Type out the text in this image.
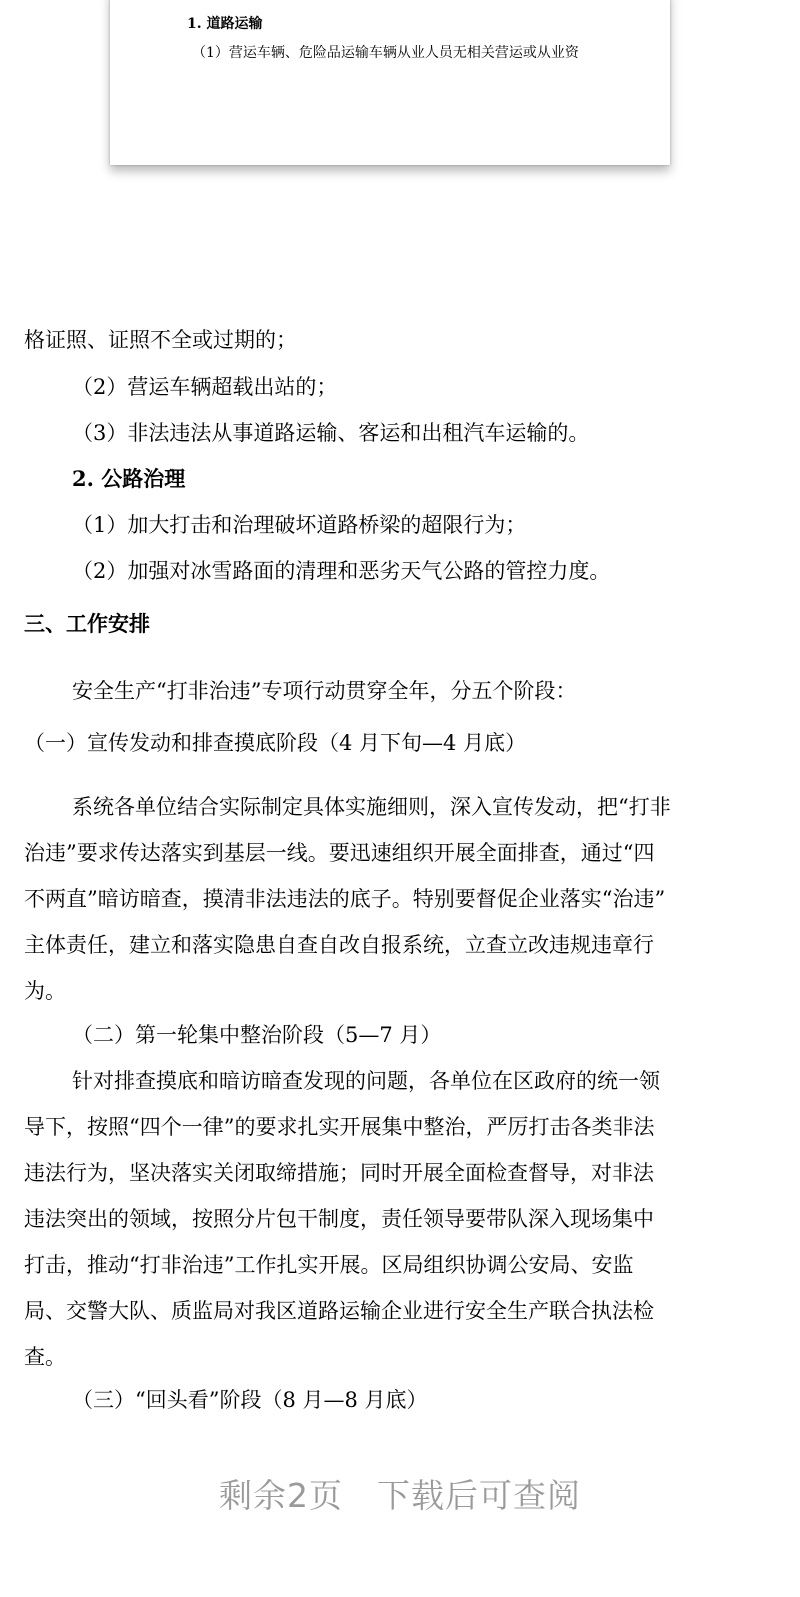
1. 道路运输
（1）营运车辆、危险品运输车辆从业人员无相关营运或从业资
格证照、证照不全或过期的；
（2）营运车辆超载出站的；
（3）非法违法从事道路运输、客运和出租汽车运输的。
2. 公路治理
（1）加大打击和治理破坏道路桥梁的超限行为；
（2）加强对冰雪路面的清理和恶劣天气公路的管控力度。
三、工作安排
安全生产“打非治违”专项行动贯穿全年，分五个阶段：
（一）宣传发动和排查摸底阶段（4 月下旬—4 月底）
系统各单位结合实际制定具体实施细则，深入宣传发动，把“打非
治违”要求传达落实到基层一线。要迅速组织开展全面排查，通过“四
不两直”暗访暗查，摸清非法违法的底子。特别要督促企业落实“治违”
主体责任，建立和落实隐患自查自改自报系统，立查立改违规违章行
为。
（二）第一轮集中整治阶段（5—7 月）
针对排查摸底和暗访暗查发现的问题，各单位在区政府的统一领
导下，按照“四个一律”的要求扎实开展集中整治，严厉打击各类非法
违法行为，坚决落实关闭取缔措施；同时开展全面检查督导，对非法
违法突出的领域，按照分片包干制度，责任领导要带队深入现场集中
打击，推动“打非治违”工作扎实开展。区局组织协调公安局、安监
局、交警大队、质监局对我区道路运输企业进行安全生产联合执法检
查。
（三）“回头看”阶段（8 月—8 月底）
剩余2页 下载后可查阅
